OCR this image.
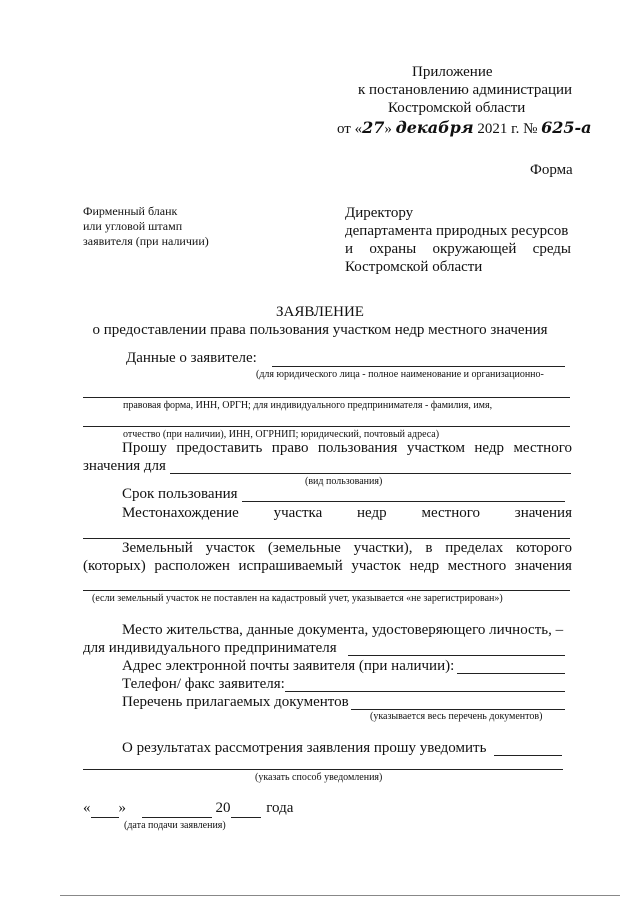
Приложение
к постановлению администрации
Костромской области
от «27» декабря 2021 г. № 625-а
Форма
Фирменный бланк
или угловой штамп
заявителя (при наличии)
Директору
департамента природных ресурсов
и охраны окружающей среды
Костромской области
ЗАЯВЛЕНИЕ
о предоставлении права пользования участком недр местного значения
Данные о заявителе:
(для юридического лица - полное наименование и организационно-
правовая форма, ИНН, ОРГН; для индивидуального предпринимателя - фамилия, имя,
отчество (при наличии), ИНН, ОГРНИП; юридический, почтовый адреса)
Прошу предоставить право пользования участком недр местного
значения для
(вид пользования)
Срок пользования
Местонахождение участка недр местного значения
Земельный участок (земельные участки), в пределах которого
(которых) расположен испрашиваемый участок недр местного значения
(если земельный участок не поставлен на кадастровый учет, указывается «не зарегистрирован»)
Место жительства, данные документа, удостоверяющего личность, –
для индивидуального предпринимателя
Адрес электронной почты заявителя (при наличии):
Телефон/ факс заявителя:
Перечень прилагаемых документов
(указывается весь перечень документов)
О результатах рассмотрения заявления прошу уведомить
(указать способ уведомления)
« »	20 года
(дата подачи заявления)
